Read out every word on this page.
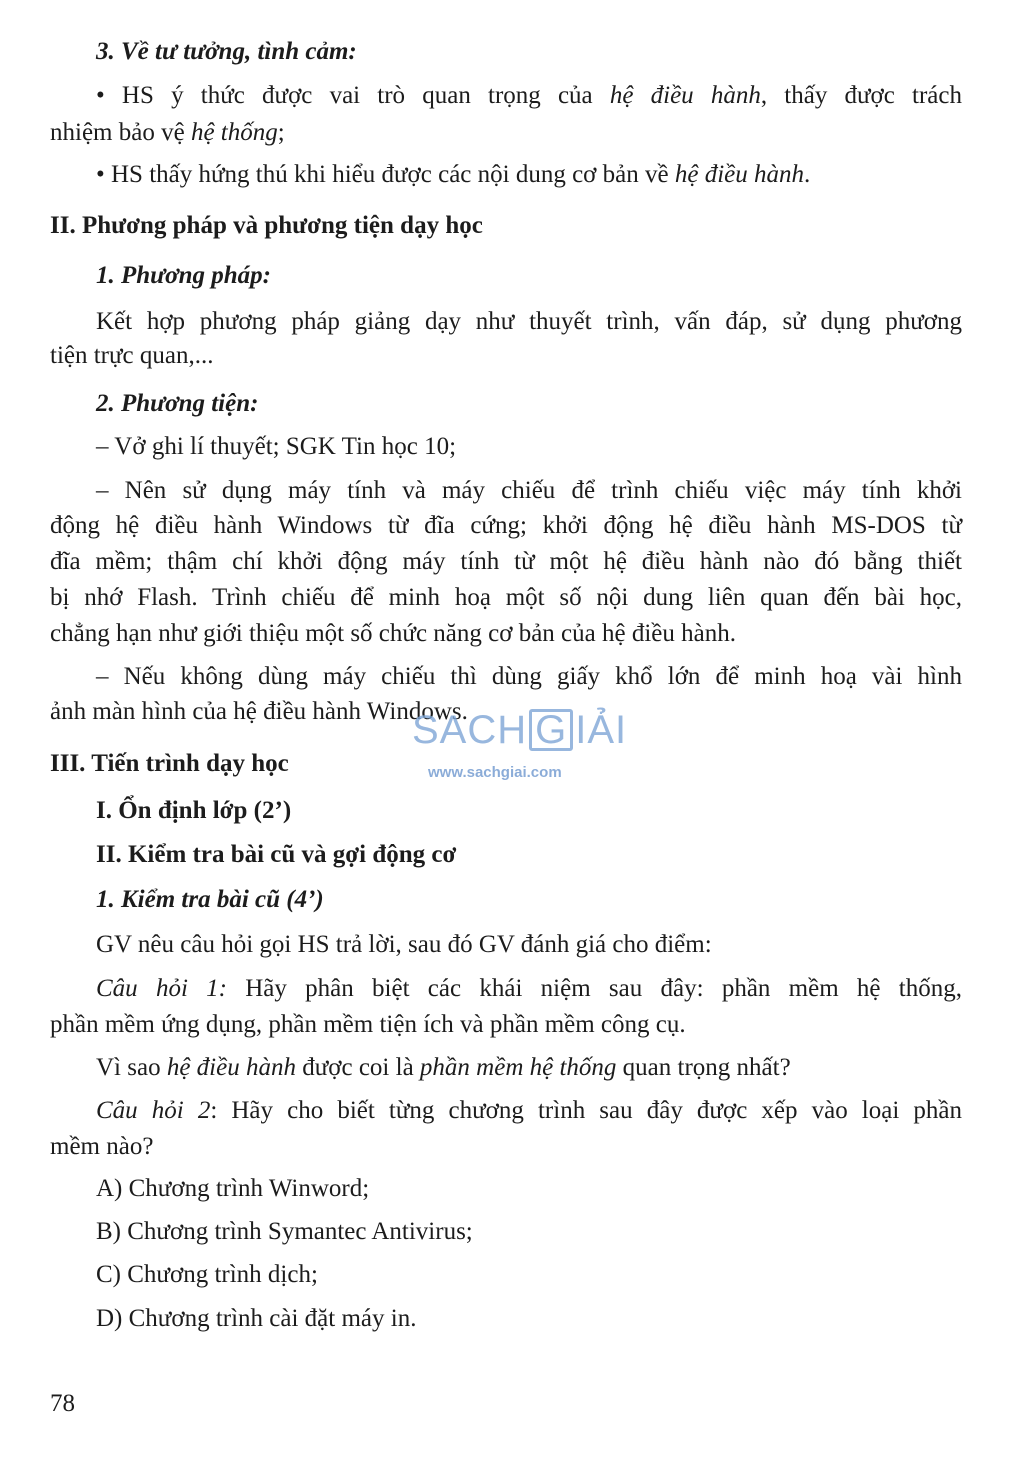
3. Về tư tưởng, tình cảm:
• HS ý thức được vai trò quan trọng của hệ điều hành, thấy được trách
nhiệm bảo vệ hệ thống;
• HS thấy hứng thú khi hiểu được các nội dung cơ bản về hệ điều hành.
II. Phương pháp và phương tiện dạy học
1. Phương pháp:
Kết hợp phương pháp giảng dạy như thuyết trình, vấn đáp, sử dụng phương
tiện trực quan,...
2. Phương tiện:
– Vở ghi lí thuyết; SGK Tin học 10;
– Nên sử dụng máy tính và máy chiếu để trình chiếu việc máy tính khởi
động hệ điều hành Windows từ đĩa cứng; khởi động hệ điều hành MS-DOS từ
đĩa mềm; thậm chí khởi động máy tính từ một hệ điều hành nào đó bằng thiết
bị nhớ Flash. Trình chiếu để minh hoạ một số nội dung liên quan đến bài học,
chẳng hạn như giới thiệu một số chức năng cơ bản của hệ điều hành.
– Nếu không dùng máy chiếu thì dùng giấy khổ lớn để minh hoạ vài hình
ảnh màn hình của hệ điều hành Windows.
III. Tiến trình dạy học
I. Ổn định lớp (2’)
II. Kiểm tra bài cũ và gợi động cơ
1. Kiểm tra bài cũ (4’)
GV nêu câu hỏi gọi HS trả lời, sau đó GV đánh giá cho điểm:
Câu hỏi 1: Hãy phân biệt các khái niệm sau đây: phần mềm hệ thống,
phần mềm ứng dụng, phần mềm tiện ích và phần mềm công cụ.
Vì sao hệ điều hành được coi là phần mềm hệ thống quan trọng nhất?
Câu hỏi 2: Hãy cho biết từng chương trình sau đây được xếp vào loại phần
mềm nào?
A) Chương trình Winword;
B) Chương trình Symantec Antivirus;
C) Chương trình dịch;
D) Chương trình cài đặt máy in.
78
SACH G IẢI
www.sachgiai.com
